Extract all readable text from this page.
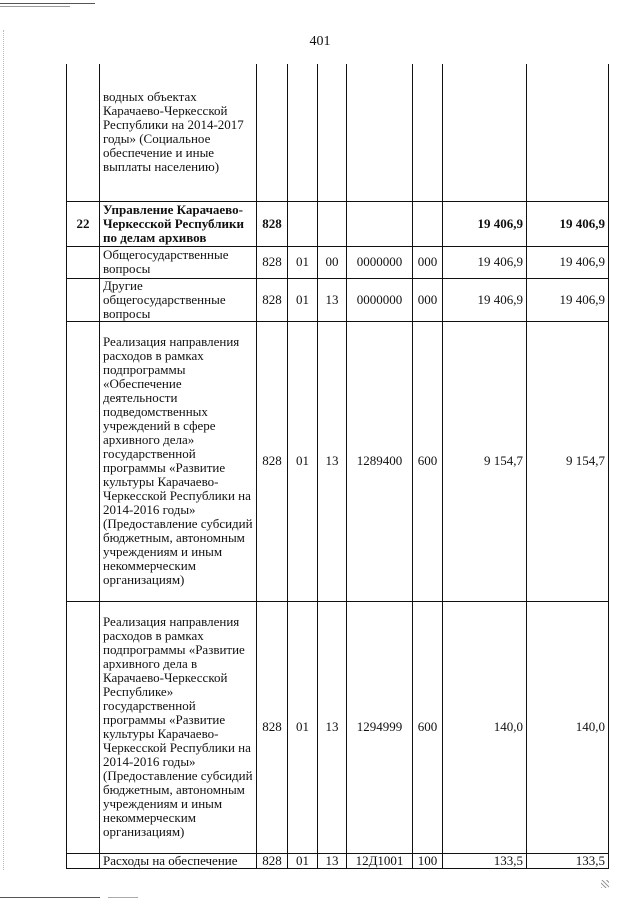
401
	водных объектах Карачаево-Черкесской Республики на 2014-2017 годы» (Социальное обеспечение и иные выплаты населению)							
22	Управление Карачаево-Черкесской Республики по делам архивов	828					19 406,9	19 406,9
	Общегосударственные вопросы	828	01	00	0000000	000	19 406,9	19 406,9
	Другие общегосударственные вопросы	828	01	13	0000000	000	19 406,9	19 406,9
	Реализация направления расходов в рамках подпрограммы «Обеспечение деятельности подведомственных учреждений в сфере архивного дела» государственной программы «Развитие культуры Карачаево-Черкесской Республики на 2014-2016 годы» (Предоставление субсидий бюджетным, автономным учреждениям и иным некоммерческим организациям)	828	01	13	1289400	600	9 154,7	9 154,7
	Реализация направления расходов в рамках подпрограммы «Развитие архивного дела в Карачаево-Черкесской Республике» государственной программы «Развитие культуры Карачаево-Черкесской Республики на 2014-2016 годы» (Предоставление субсидий бюджетным, автономным учреждениям и иным некоммерческим организациям)	828	01	13	1294999	600	140,0	140,0
	Расходы на обеспечение	828	01	13	12Д1001	100	133,5	133,5
